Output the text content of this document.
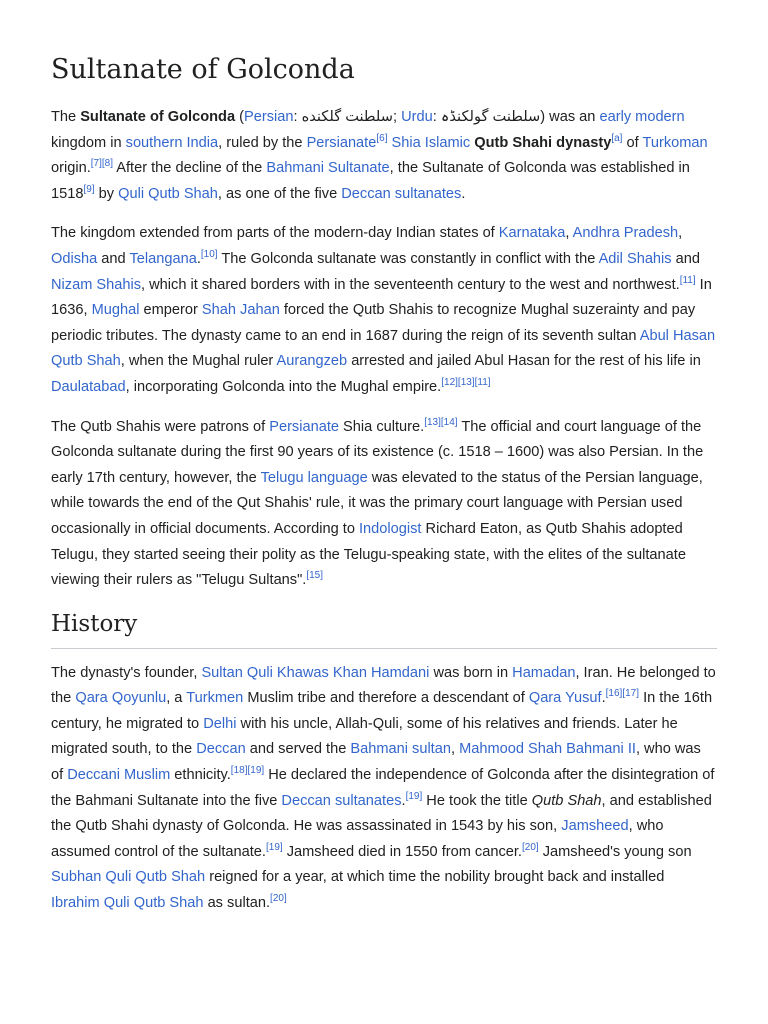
Sultanate of Golconda

The Sultanate of Golconda (Persian: سلطنت گلکنده; Urdu: سلطنت گولکنڈہ) was an early modern kingdom in southern India, ruled by the Persianate[6] Shia Islamic Qutb Shahi dynasty[a] of Turkoman origin.[7][8] After the decline of the Bahmani Sultanate, the Sultanate of Golconda was established in 1518[9] by Quli Qutb Shah, as one of the five Deccan sultanates.

The kingdom extended from parts of the modern-day Indian states of Karnataka, Andhra Pradesh, Odisha and Telangana.[10] The Golconda sultanate was constantly in conflict with the Adil Shahis and Nizam Shahis, which it shared borders with in the seventeenth century to the west and northwest.[11] In 1636, Mughal emperor Shah Jahan forced the Qutb Shahis to recognize Mughal suzerainty and pay periodic tributes. The dynasty came to an end in 1687 during the reign of its seventh sultan Abul Hasan Qutb Shah, when the Mughal ruler Aurangzeb arrested and jailed Abul Hasan for the rest of his life in Daulatabad, incorporating Golconda into the Mughal empire.[12][13][11]

The Qutb Shahis were patrons of Persianate Shia culture.[13][14] The official and court language of the Golconda sultanate during the first 90 years of its existence (c. 1518 – 1600) was also Persian. In the early 17th century, however, the Telugu language was elevated to the status of the Persian language, while towards the end of the Qut Shahis' rule, it was the primary court language with Persian used occasionally in official documents. According to Indologist Richard Eaton, as Qutb Shahis adopted Telugu, they started seeing their polity as the Telugu-speaking state, with the elites of the sultanate viewing their rulers as "Telugu Sultans".[15]

History

The dynasty's founder, Sultan Quli Khawas Khan Hamdani was born in Hamadan, Iran. He belonged to the Qara Qoyunlu, a Turkmen Muslim tribe and therefore a descendant of Qara Yusuf.[16][17] In the 16th century, he migrated to Delhi with his uncle, Allah-Quli, some of his relatives and friends. Later he migrated south, to the Deccan and served the Bahmani sultan, Mahmood Shah Bahmani II, who was of Deccani Muslim ethnicity.[18][19] He declared the independence of Golconda after the disintegration of the Bahmani Sultanate into the five Deccan sultanates.[19] He took the title Qutb Shah, and established the Qutb Shahi dynasty of Golconda. He was assassinated in 1543 by his son, Jamsheed, who assumed control of the sultanate.[19] Jamsheed died in 1550 from cancer.[20] Jamsheed's young son Subhan Quli Qutb Shah reigned for a year, at which time the nobility brought back and installed Ibrahim Quli Qutb Shah as sultan.[20]
